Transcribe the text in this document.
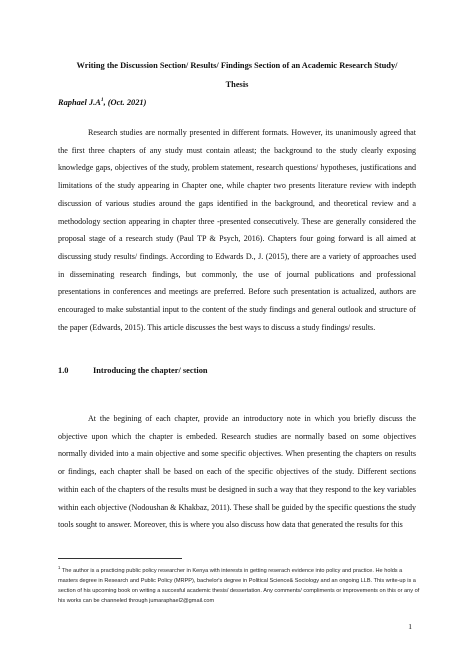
Writing the Discussion Section/ Results/ Findings Section of an Academic Research Study/ Thesis
Raphael $J.A^1$, (Oct. 2021)
Research studies are normally presented in different formats. However, its unanimously agreed that the first three chapters of any study must contain atleast; the background to the study clearly exposing knowledge gaps, objectives of the study, problem statement, research questions/ hypotheses, justifications and limitations of the study appearing in Chapter one, while chapter two presents literature review with indepth discussion of various studies around the gaps identified in the background, and theoretical review and a methodology section appearing in chapter three -presented consecutively. These are generally considered the proposal stage of a research study (Paul TP & Psych, 2016). Chapters four going forward is all aimed at discussing study results/ findings. According to Edwards D., J. (2015), there are a variety of approaches used in disseminating research findings, but commonly, the use of journal publications and professional presentations in conferences and meetings are preferred. Before such presentation is actualized, authors are encouraged to make substantial input to the content of the study findings and general outlook and structure of the paper (Edwards, 2015). This article discusses the best ways to discuss a study findings/ results.
1.0	Introducing the chapter/ section
At the begining of each chapter, provide an introductory note in which you briefly discuss the objective upon which the chapter is embeded. Research studies are normally based on some objectives normally divided into a main objective and some specific objectives. When presenting the chapters on results or findings, each chapter shall be based on each of the specific objectives of the study. Different sections within each of the chapters of the results must be designed in such a way that they respond to the key variables within each objective (Nodoushan & Khakbaz, 2011). These shall be guided by the specific questions the study tools sought to answer. Moreover, this is where you also discuss how data that generated the results for this
$^1$ The author is a practicing public policy researcher in Kenya with interests in getting reserach evidence into policy and practice. He holds a masters degree in Research and Public Policy (MRPP), bachelor's degree in Political Science& Sociology and an ongoing LLB. This write-up is a section of his upcoming book on writing a succesful academic thesis/ dessertation. Any comments/ compliments or improvements on this or any of his works can be channeled through jumaraphael2@gmail.com
1
